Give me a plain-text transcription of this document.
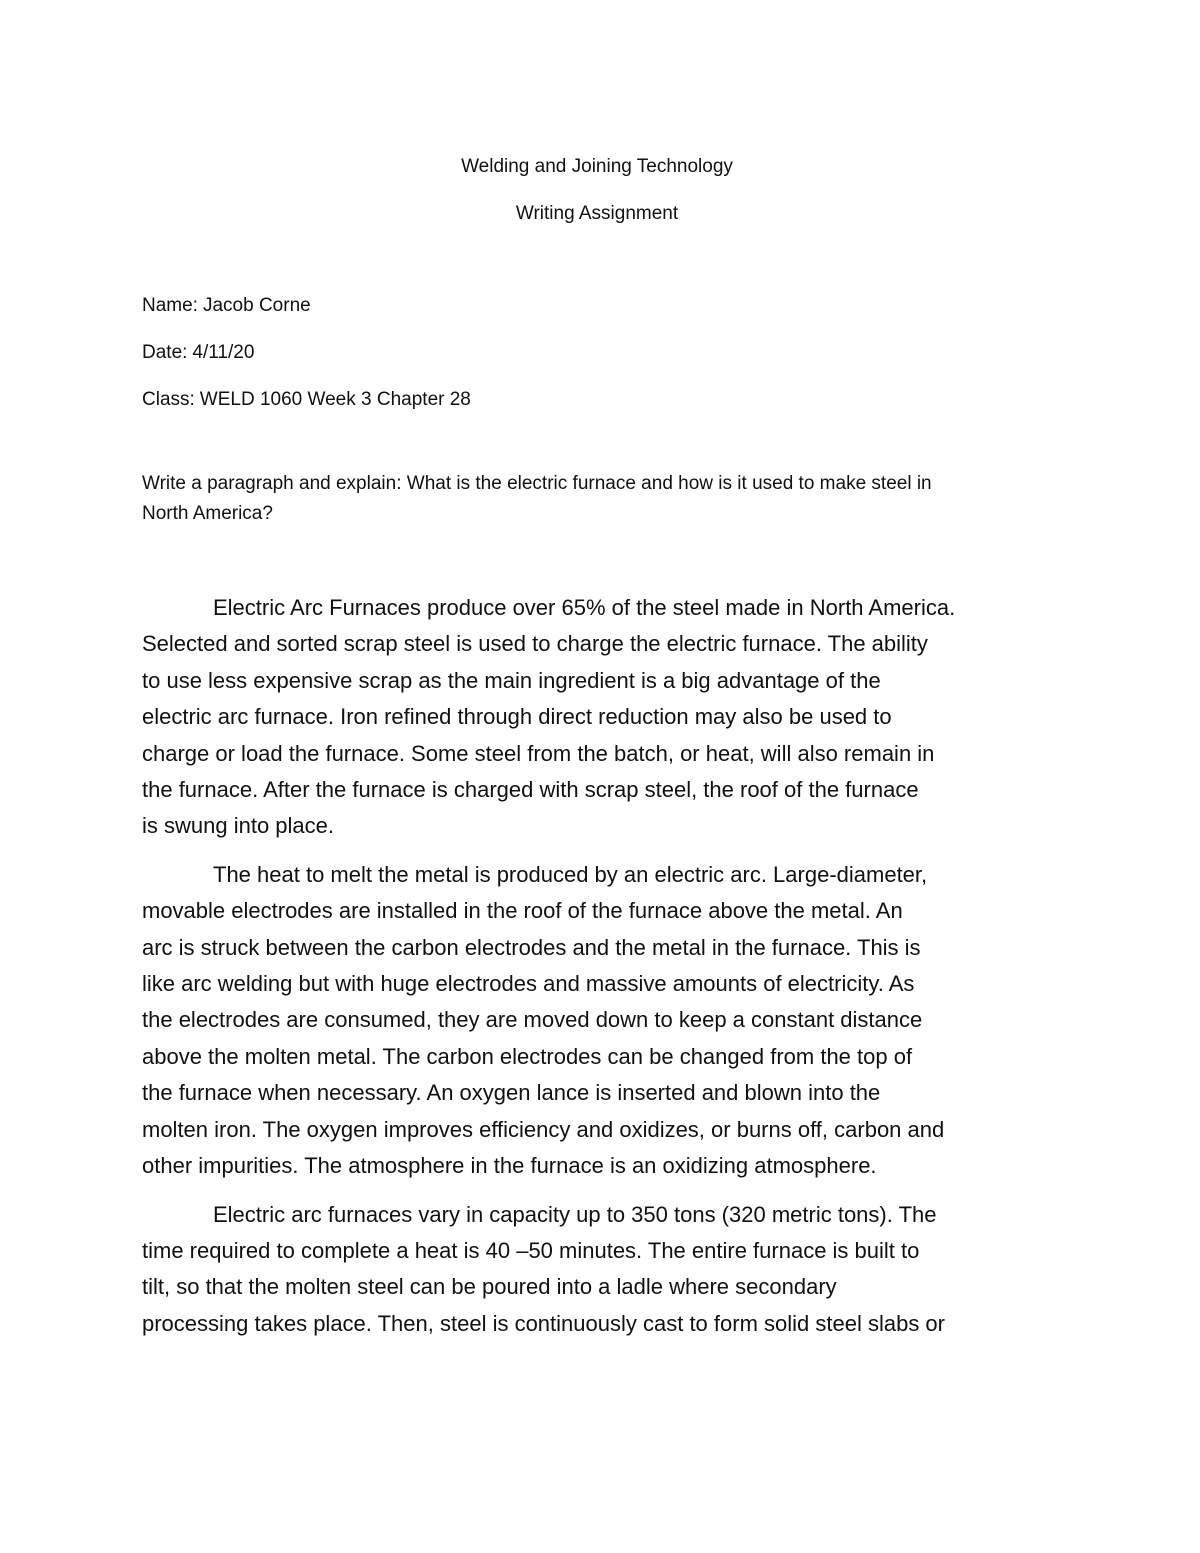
Welding and Joining Technology
Writing Assignment
Name: Jacob Corne
Date: 4/11/20
Class: WELD 1060 Week 3 Chapter 28
Write a paragraph and explain: What is the electric furnace and how is it used to make steel in
North America?
Electric Arc Furnaces produce over 65% of the steel made in North America.
Selected and sorted scrap steel is used to charge the electric furnace. The ability
to use less expensive scrap as the main ingredient is a big advantage of the
electric arc furnace. Iron refined through direct reduction may also be used to
charge or load the furnace. Some steel from the batch, or heat, will also remain in
the furnace. After the furnace is charged with scrap steel, the roof of the furnace
is swung into place.
The heat to melt the metal is produced by an electric arc. Large-diameter,
movable electrodes are installed in the roof of the furnace above the metal. An
arc is struck between the carbon electrodes and the metal in the furnace. This is
like arc welding but with huge electrodes and massive amounts of electricity. As
the electrodes are consumed, they are moved down to keep a constant distance
above the molten metal. The carbon electrodes can be changed from the top of
the furnace when necessary. An oxygen lance is inserted and blown into the
molten iron. The oxygen improves efficiency and oxidizes, or burns off, carbon and
other impurities. The atmosphere in the furnace is an oxidizing atmosphere.
Electric arc furnaces vary in capacity up to 350 tons (320 metric tons). The
time required to complete a heat is 40 –50 minutes. The entire furnace is built to
tilt, so that the molten steel can be poured into a ladle where secondary
processing takes place. Then, steel is continuously cast to form solid steel slabs or
